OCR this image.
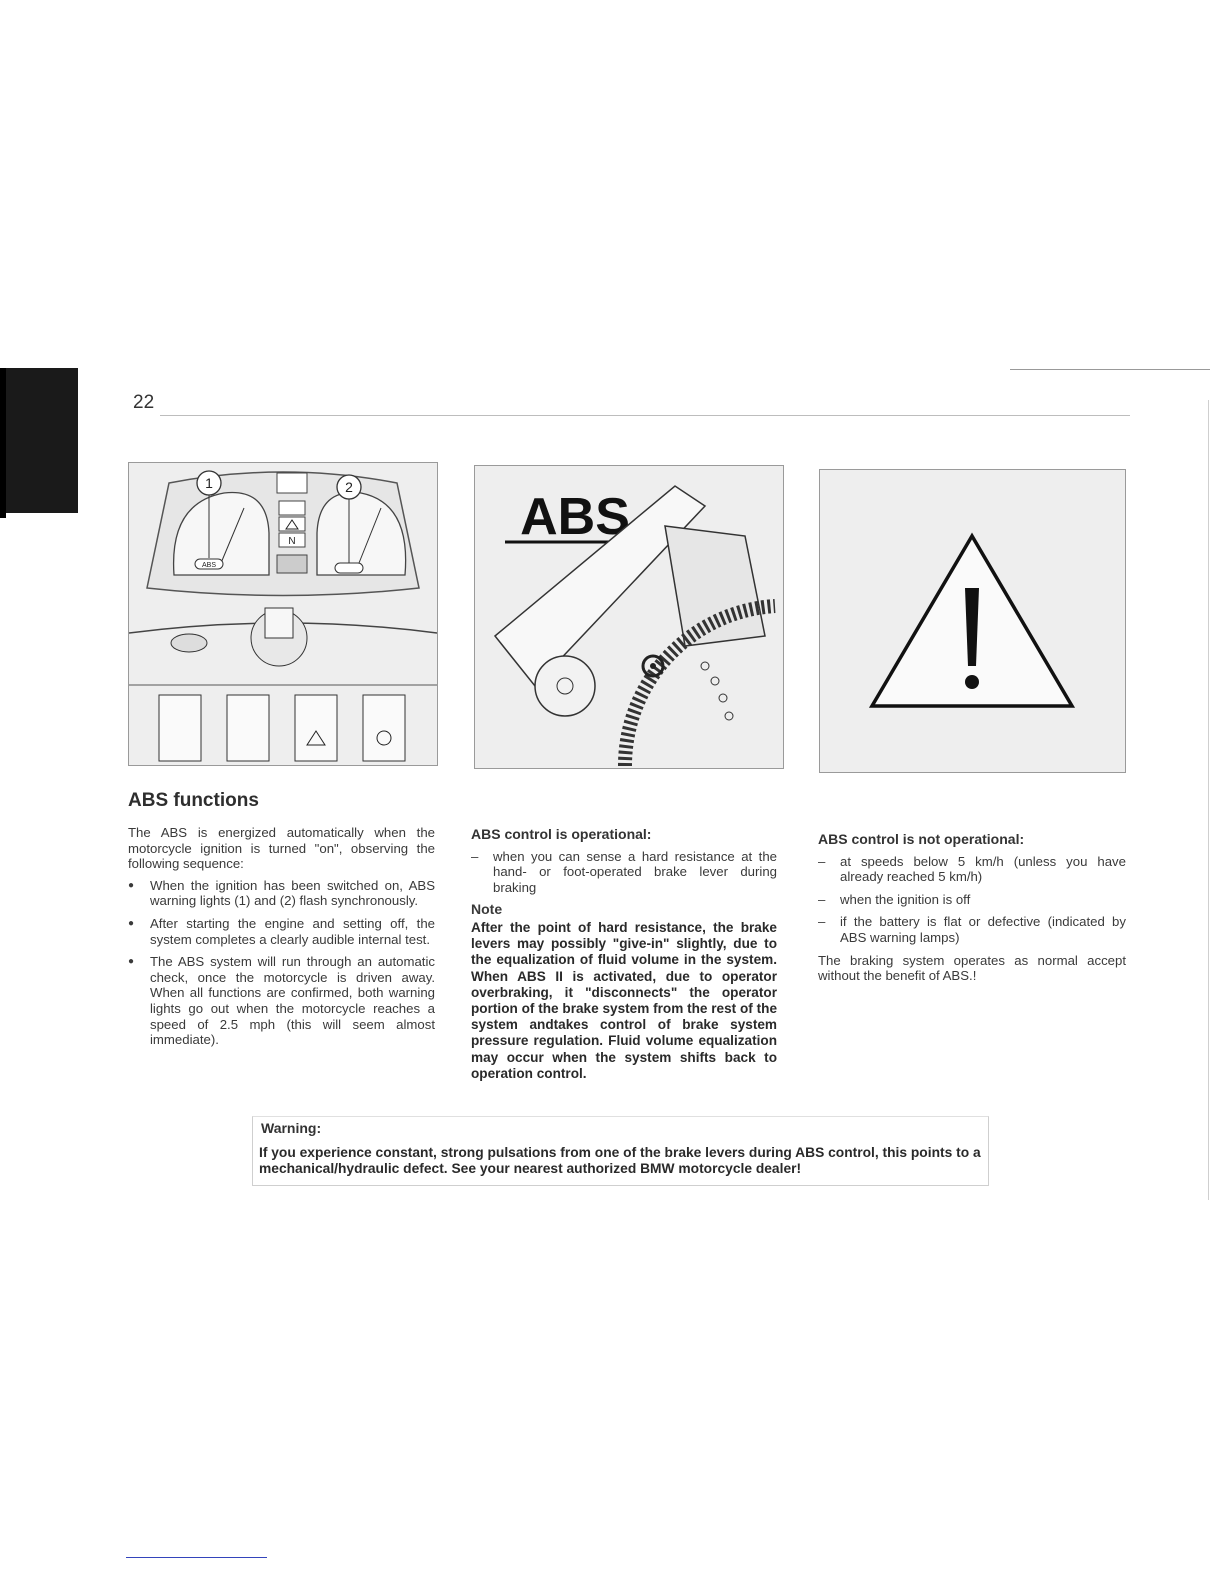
22
N
1	2
ABS
ABS
ABS functions

The ABS is energized automatically when the motorcycle ignition is turned "on", observing the following sequence:

● When the ignition has been switched on, ABS warning lights (1) and (2) flash synchronously.
● After starting the engine and setting off, the system completes a clearly audible internal test.
● The ABS system will run through an automatic check, once the motorcycle is driven away. When all functions are confirmed, both warning lights go out when the motorcycle reaches a speed of 2.5 mph (this will seem almost immediate).
ABS control is operational:
– when you can sense a hard resistance at the hand- or foot-operated brake lever during braking
Note
After the point of hard resistance, the brake levers may possibly "give-in" slightly, due to the equalization of fluid volume in the system. When ABS II is activated, due to operator overbraking, it "disconnects" the operator portion of the brake system from the rest of the system andtakes control of brake system pressure regulation. Fluid volume equalization may occur when the system shifts back to operation control.
ABS control is not operational:
– at speeds below 5 km/h (unless you have already reached 5 km/h)
– when the ignition is off
– if the battery is flat or defective (indicated by ABS warning lamps)

The braking system operates as normal accept without the benefit of ABS.!

Warning:
If you experience constant, strong pulsations from one of the brake levers during ABS control, this points to a mechanical/hydraulic defect. See your nearest authorized BMW motorcycle dealer!
